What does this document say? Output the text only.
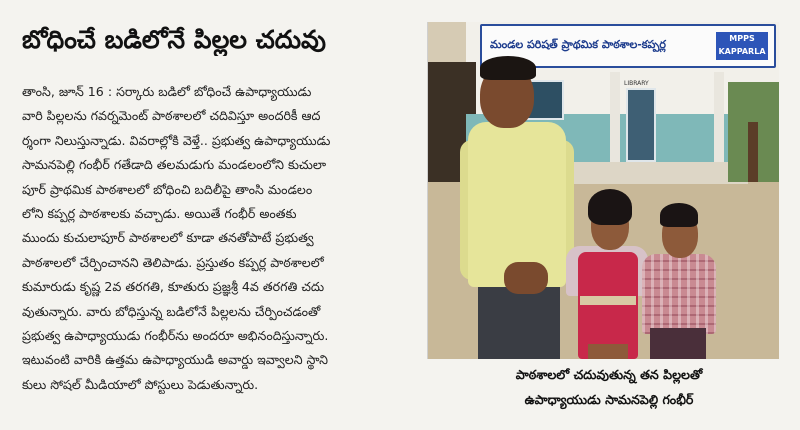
బోధించే బడిలోనే పిల్లల చదువు
తాంసి, జూన్ 16 : సర్కారు బడిలో బోధించే ఉపాధ్యాయుడు
వారి పిల్లలను గవర్నమెంట్ పాఠశాలలో చదివిస్తూ అందరికీ ఆద
ర్శంగా నిలుస్తున్నాడు. వివరాల్లోకి వెళ్తే.. ప్రభుత్వ ఉపాధ్యాయుడు
సామనపెల్లి గంభీర్ గతేడాది తలమడుగు మండలంలోని కుచులా
పూర్ ప్రాథమిక పాఠశాలలో బోధించి బదిలీపై తాంసి మండలం
లోని కప్పర్ల పాఠశాలకు వచ్చాడు. అయితే గంభీర్ అంతకు
ముందు కుచులాపూర్ పాఠశాలలో కూడా తనతోపాటే ప్రభుత్వ
పాఠశాలలో చేర్పించానని తెలిపాడు. ప్రస్తుతం కప్పర్ల పాఠశాలలో
కుమారుడు కృష్ణ 2వ తరగతి, కూతురు ప్రజ్ఞశ్రీ 4వ తరగతి చదు
వుతున్నారు. వారు బోధిస్తున్న బడిలోనే పిల్లలను చేర్పించడంతో
ప్రభుత్వ ఉపాధ్యాయుడు గంభీర్‌ను అందరూ అభినందిస్తున్నారు.
ఇటువంటి వారికి ఉత్తమ ఉపాధ్యాయుడి అవార్డు ఇవ్వాలని స్థాని
కులు సోషల్ మీడియాలో పోస్టులు పెడుతున్నారు.
LIBRARY
మండల పరిషత్ ప్రాథమిక పాఠశాల-కప్పర్ల	MPPS KAPPARLA
పాఠశాలలో చదువుతున్న తన పిల్లలతో
ఉపాధ్యాయుడు సామనపెల్లి గంభీర్
